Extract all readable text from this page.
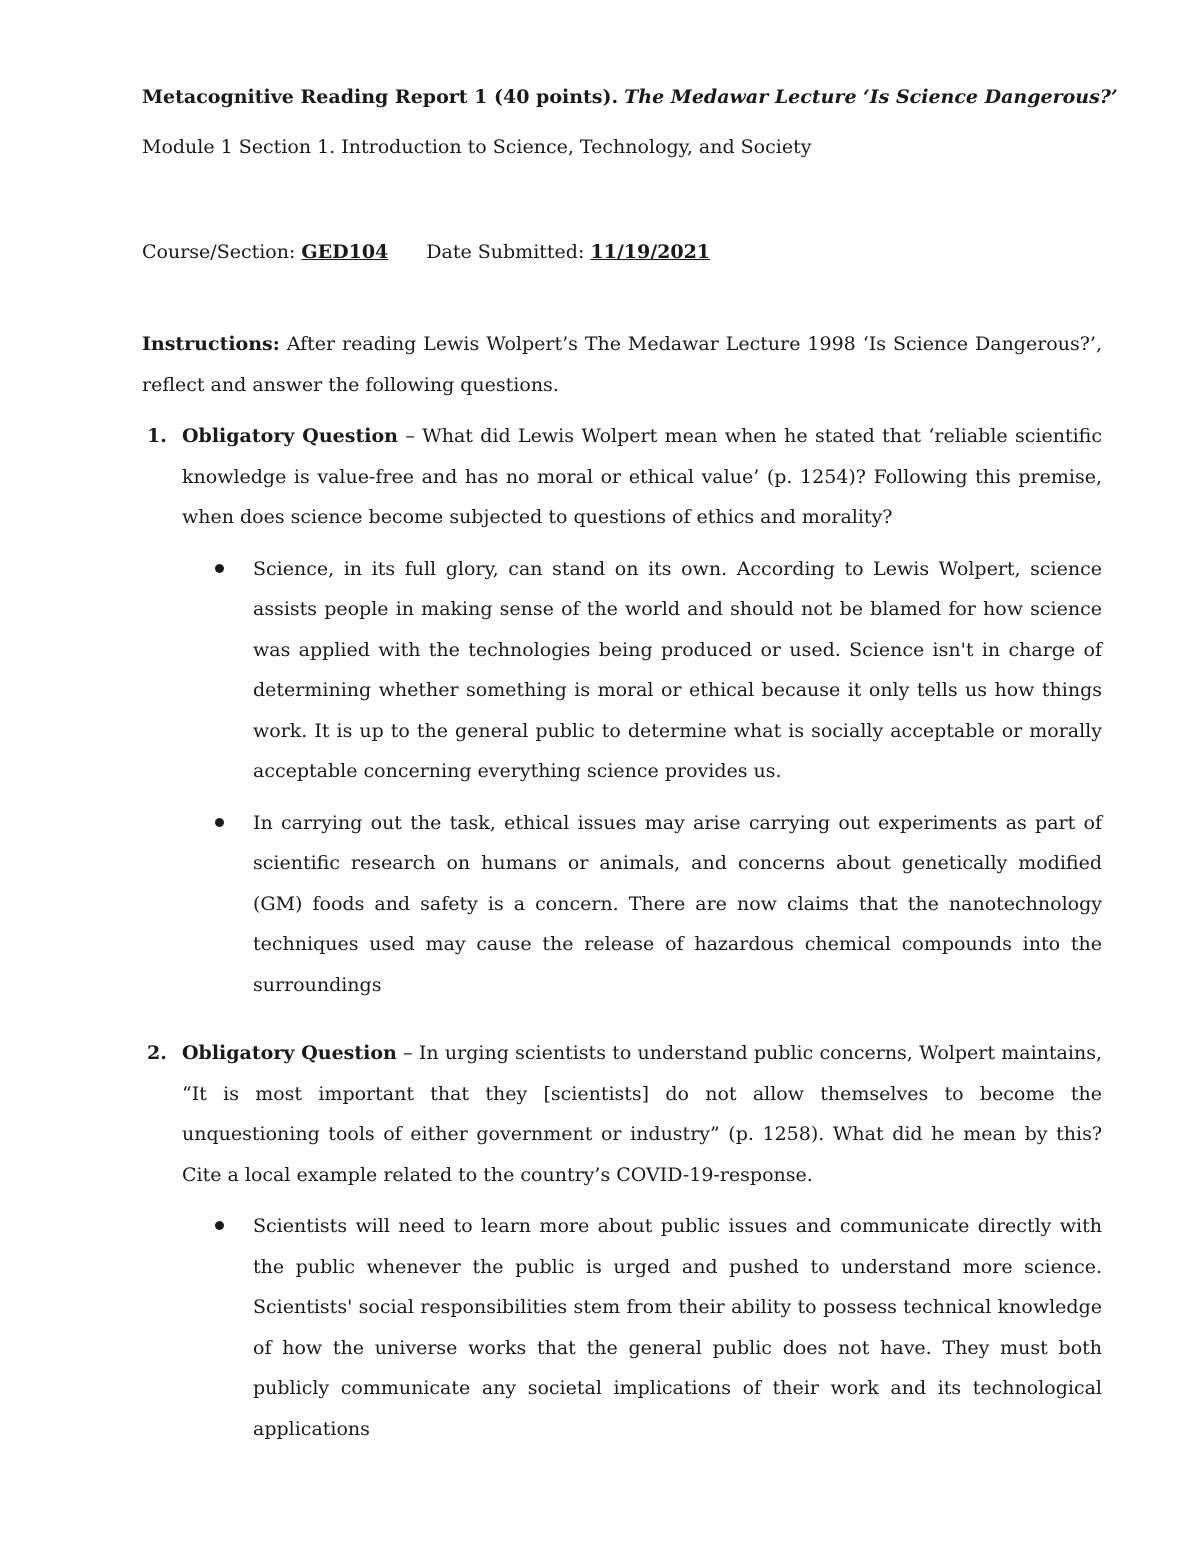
Metacognitive Reading Report 1 (40 points). The Medawar Lecture ‘Is Science Dangerous?’
Module 1 Section 1. Introduction to Science, Technology, and Society
Course/Section: GED104 Date Submitted: 11/19/2021
Instructions: After reading Lewis Wolpert’s The Medawar Lecture 1998 ‘Is Science Dangerous?’, reflect and answer the following questions.
1. Obligatory Question – What did Lewis Wolpert mean when he stated that ‘reliable scientific knowledge is value-free and has no moral or ethical value’ (p. 1254)? Following this premise, when does science become subjected to questions of ethics and morality?
Science, in its full glory, can stand on its own. According to Lewis Wolpert, science assists people in making sense of the world and should not be blamed for how science was applied with the technologies being produced or used. Science isn't in charge of determining whether something is moral or ethical because it only tells us how things work. It is up to the general public to determine what is socially acceptable or morally acceptable concerning everything science provides us.
In carrying out the task, ethical issues may arise carrying out experiments as part of scientific research on humans or animals, and concerns about genetically modified (GM) foods and safety is a concern. There are now claims that the nanotechnology techniques used may cause the release of hazardous chemical compounds into the surroundings
2. Obligatory Question – In urging scientists to understand public concerns, Wolpert maintains, “It is most important that they [scientists] do not allow themselves to become the unquestioning tools of either government or industry” (p. 1258). What did he mean by this? Cite a local example related to the country’s COVID-19-response.
Scientists will need to learn more about public issues and communicate directly with the public whenever the public is urged and pushed to understand more science. Scientists' social responsibilities stem from their ability to possess technical knowledge of how the universe works that the general public does not have. They must both publicly communicate any societal implications of their work and its technological applications
